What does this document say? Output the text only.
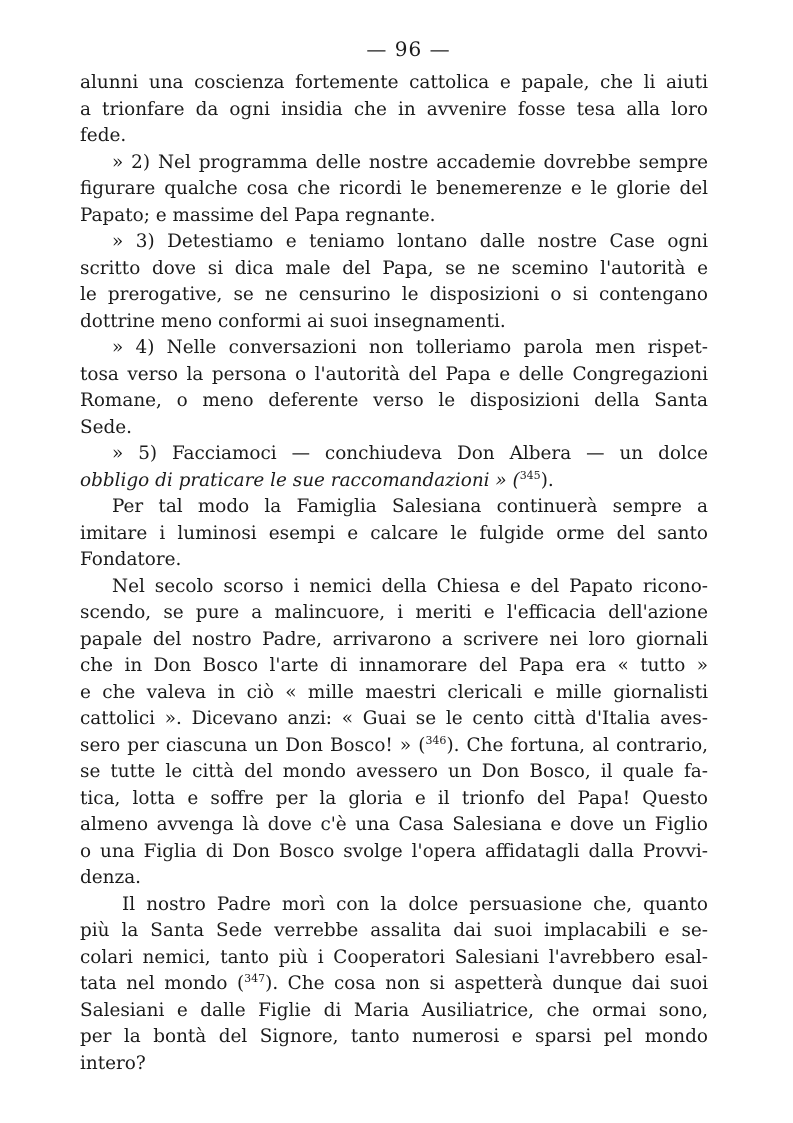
— 96 —
alunni una coscienza fortemente cattolica e papale, che li aiuti
a trionfare da ogni insidia che in avvenire fosse tesa alla loro
fede.
» 2) Nel programma delle nostre accademie dovrebbe sempre
figurare qualche cosa che ricordi le benemerenze e le glorie del
Papato; e massime del Papa regnante.
» 3) Detestiamo e teniamo lontano dalle nostre Case ogni
scritto dove si dica male del Papa, se ne scemino l'autorità e
le prerogative, se ne censurino le disposizioni o si contengano
dottrine meno conformi ai suoi insegnamenti.
» 4) Nelle conversazioni non tolleriamo parola men rispet-
tosa verso la persona o l'autorità del Papa e delle Congregazioni
Romane, o meno deferente verso le disposizioni della Santa
Sede.
» 5) Facciamoci — conchiudeva Don Albera — un dolce
obbligo di praticare le sue raccomandazioni » ($^{345}$).
Per tal modo la Famiglia Salesiana continuerà sempre a
imitare i luminosi esempi e calcare le fulgide orme del santo
Fondatore.
Nel secolo scorso i nemici della Chiesa e del Papato ricono-
scendo, se pure a malincuore, i meriti e l'efficacia dell'azione
papale del nostro Padre, arrivarono a scrivere nei loro giornali
che in Don Bosco l'arte di innamorare del Papa era « tutto »
e che valeva in ciò « mille maestri clericali e mille giornalisti
cattolici ». Dicevano anzi: « Guai se le cento città d'Italia aves-
sero per ciascuna un Don Bosco! » ($^{346}$). Che fortuna, al contrario,
se tutte le città del mondo avessero un Don Bosco, il quale fa-
tica, lotta e soffre per la gloria e il trionfo del Papa! Questo
almeno avvenga là dove c'è una Casa Salesiana e dove un Figlio
o una Figlia di Don Bosco svolge l'opera affidatagli dalla Provvi-
denza.
Il nostro Padre morì con la dolce persuasione che, quanto
più la Santa Sede verrebbe assalita dai suoi implacabili e se-
colari nemici, tanto più i Cooperatori Salesiani l'avrebbero esal-
tata nel mondo ($^{347}$). Che cosa non si aspetterà dunque dai suoi
Salesiani e dalle Figlie di Maria Ausiliatrice, che ormai sono,
per la bontà del Signore, tanto numerosi e sparsi pel mondo
intero?
